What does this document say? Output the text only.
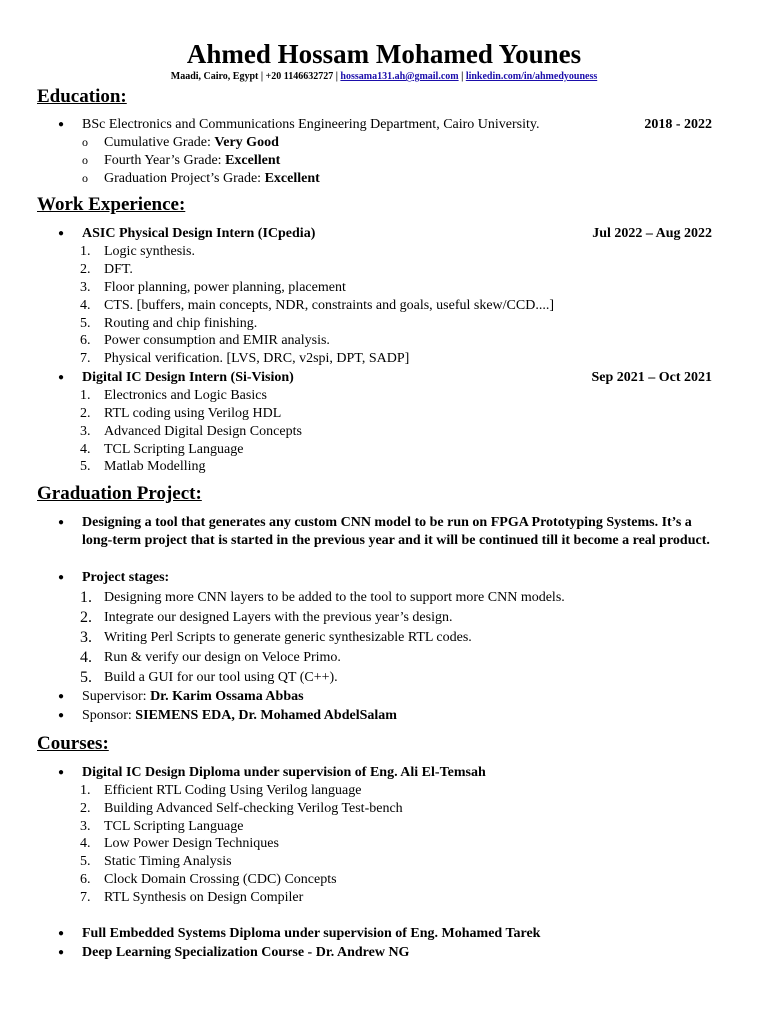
Ahmed Hossam Mohamed Younes
Maadi, Cairo, Egypt | +20 1146632727 | hossama131.ah@gmail.com | linkedin.com/in/ahmedyouness
Education:
● BSc Electronics and Communications Engineering Department, Cairo University.	2018 - 2022
o Cumulative Grade: Very Good
o Fourth Year’s Grade: Excellent
o Graduation Project’s Grade: Excellent
Work Experience:
● ASIC Physical Design Intern (ICpedia)	Jul 2022 – Aug 2022
1. Logic synthesis.
2. DFT.
3. Floor planning, power planning, placement
4. CTS. [buffers, main concepts, NDR, constraints and goals, useful skew/CCD....]
5. Routing and chip finishing.
6. Power consumption and EMIR analysis.
7. Physical verification. [LVS, DRC, v2spi, DPT, SADP]
● Digital IC Design Intern (Si-Vision)	Sep 2021 – Oct 2021
1. Electronics and Logic Basics
2. RTL coding using Verilog HDL
3. Advanced Digital Design Concepts
4. TCL Scripting Language
5. Matlab Modelling
Graduation Project:
● Designing a tool that generates any custom CNN model to be run on FPGA Prototyping Systems. It’s a long-term project that is started in the previous year and it will be continued till it become a real product.
● Project stages:
1. Designing more CNN layers to be added to the tool to support more CNN models.
2. Integrate our designed Layers with the previous year’s design.
3. Writing Perl Scripts to generate generic synthesizable RTL codes.
4. Run & verify our design on Veloce Primo.
5. Build a GUI for our tool using QT (C++).
● Supervisor: Dr. Karim Ossama Abbas
● Sponsor: SIEMENS EDA, Dr. Mohamed AbdelSalam
Courses:
● Digital IC Design Diploma under supervision of Eng. Ali El-Temsah
1. Efficient RTL Coding Using Verilog language
2. Building Advanced Self-checking Verilog Test-bench
3. TCL Scripting Language
4. Low Power Design Techniques
5. Static Timing Analysis
6. Clock Domain Crossing (CDC) Concepts
7. RTL Synthesis on Design Compiler
● Full Embedded Systems Diploma under supervision of Eng. Mohamed Tarek
● Deep Learning Specialization Course - Dr. Andrew NG
